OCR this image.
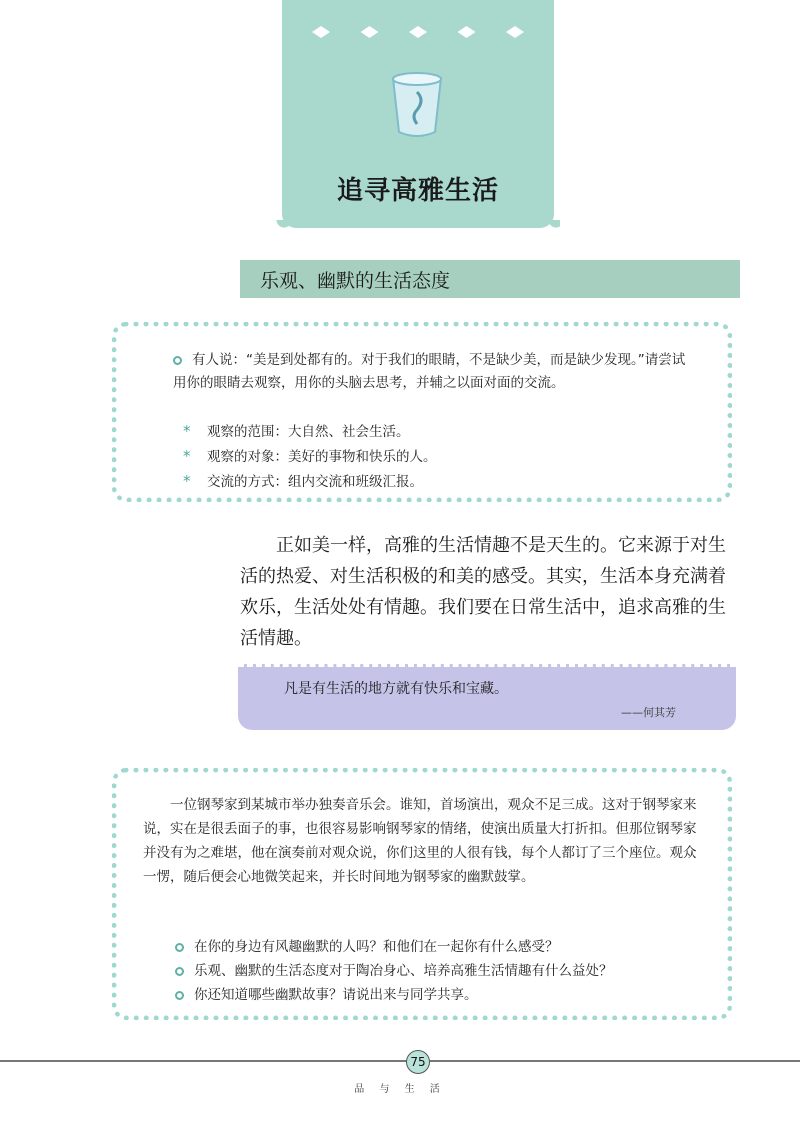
追寻高雅生活
乐观、幽默的生活态度
有人说：“美是到处都有的。对于我们的眼睛，不是缺少美，而是缺少发现。”请尝试用你的眼睛去观察，用你的头脑去思考，并辅之以面对面的交流。
* 观察的范围：大自然、社会生活。
* 观察的对象：美好的事物和快乐的人。
* 交流的方式：组内交流和班级汇报。
正如美一样，高雅的生活情趣不是天生的。它来源于对生活的热爱、对生活积极的和美的感受。其实，生活本身充满着欢乐，生活处处有情趣。我们要在日常生活中，追求高雅的生活情趣。
凡是有生活的地方就有快乐和宝藏。
——何其芳
一位钢琴家到某城市举办独奏音乐会。谁知，首场演出，观众不足三成。这对于钢琴家来说，实在是很丢面子的事，也很容易影响钢琴家的情绪，使演出质量大打折扣。但那位钢琴家并没有为之难堪，他在演奏前对观众说，你们这里的人很有钱，每个人都订了三个座位。观众一愣，随后便会心地微笑起来，并长时间地为钢琴家的幽默鼓掌。
在你的身边有风趣幽默的人吗？和他们在一起你有什么感受？
乐观、幽默的生活态度对于陶冶身心、培养高雅生活情趣有什么益处？
你还知道哪些幽默故事？请说出来与同学共享。
75
品 与 生 活
